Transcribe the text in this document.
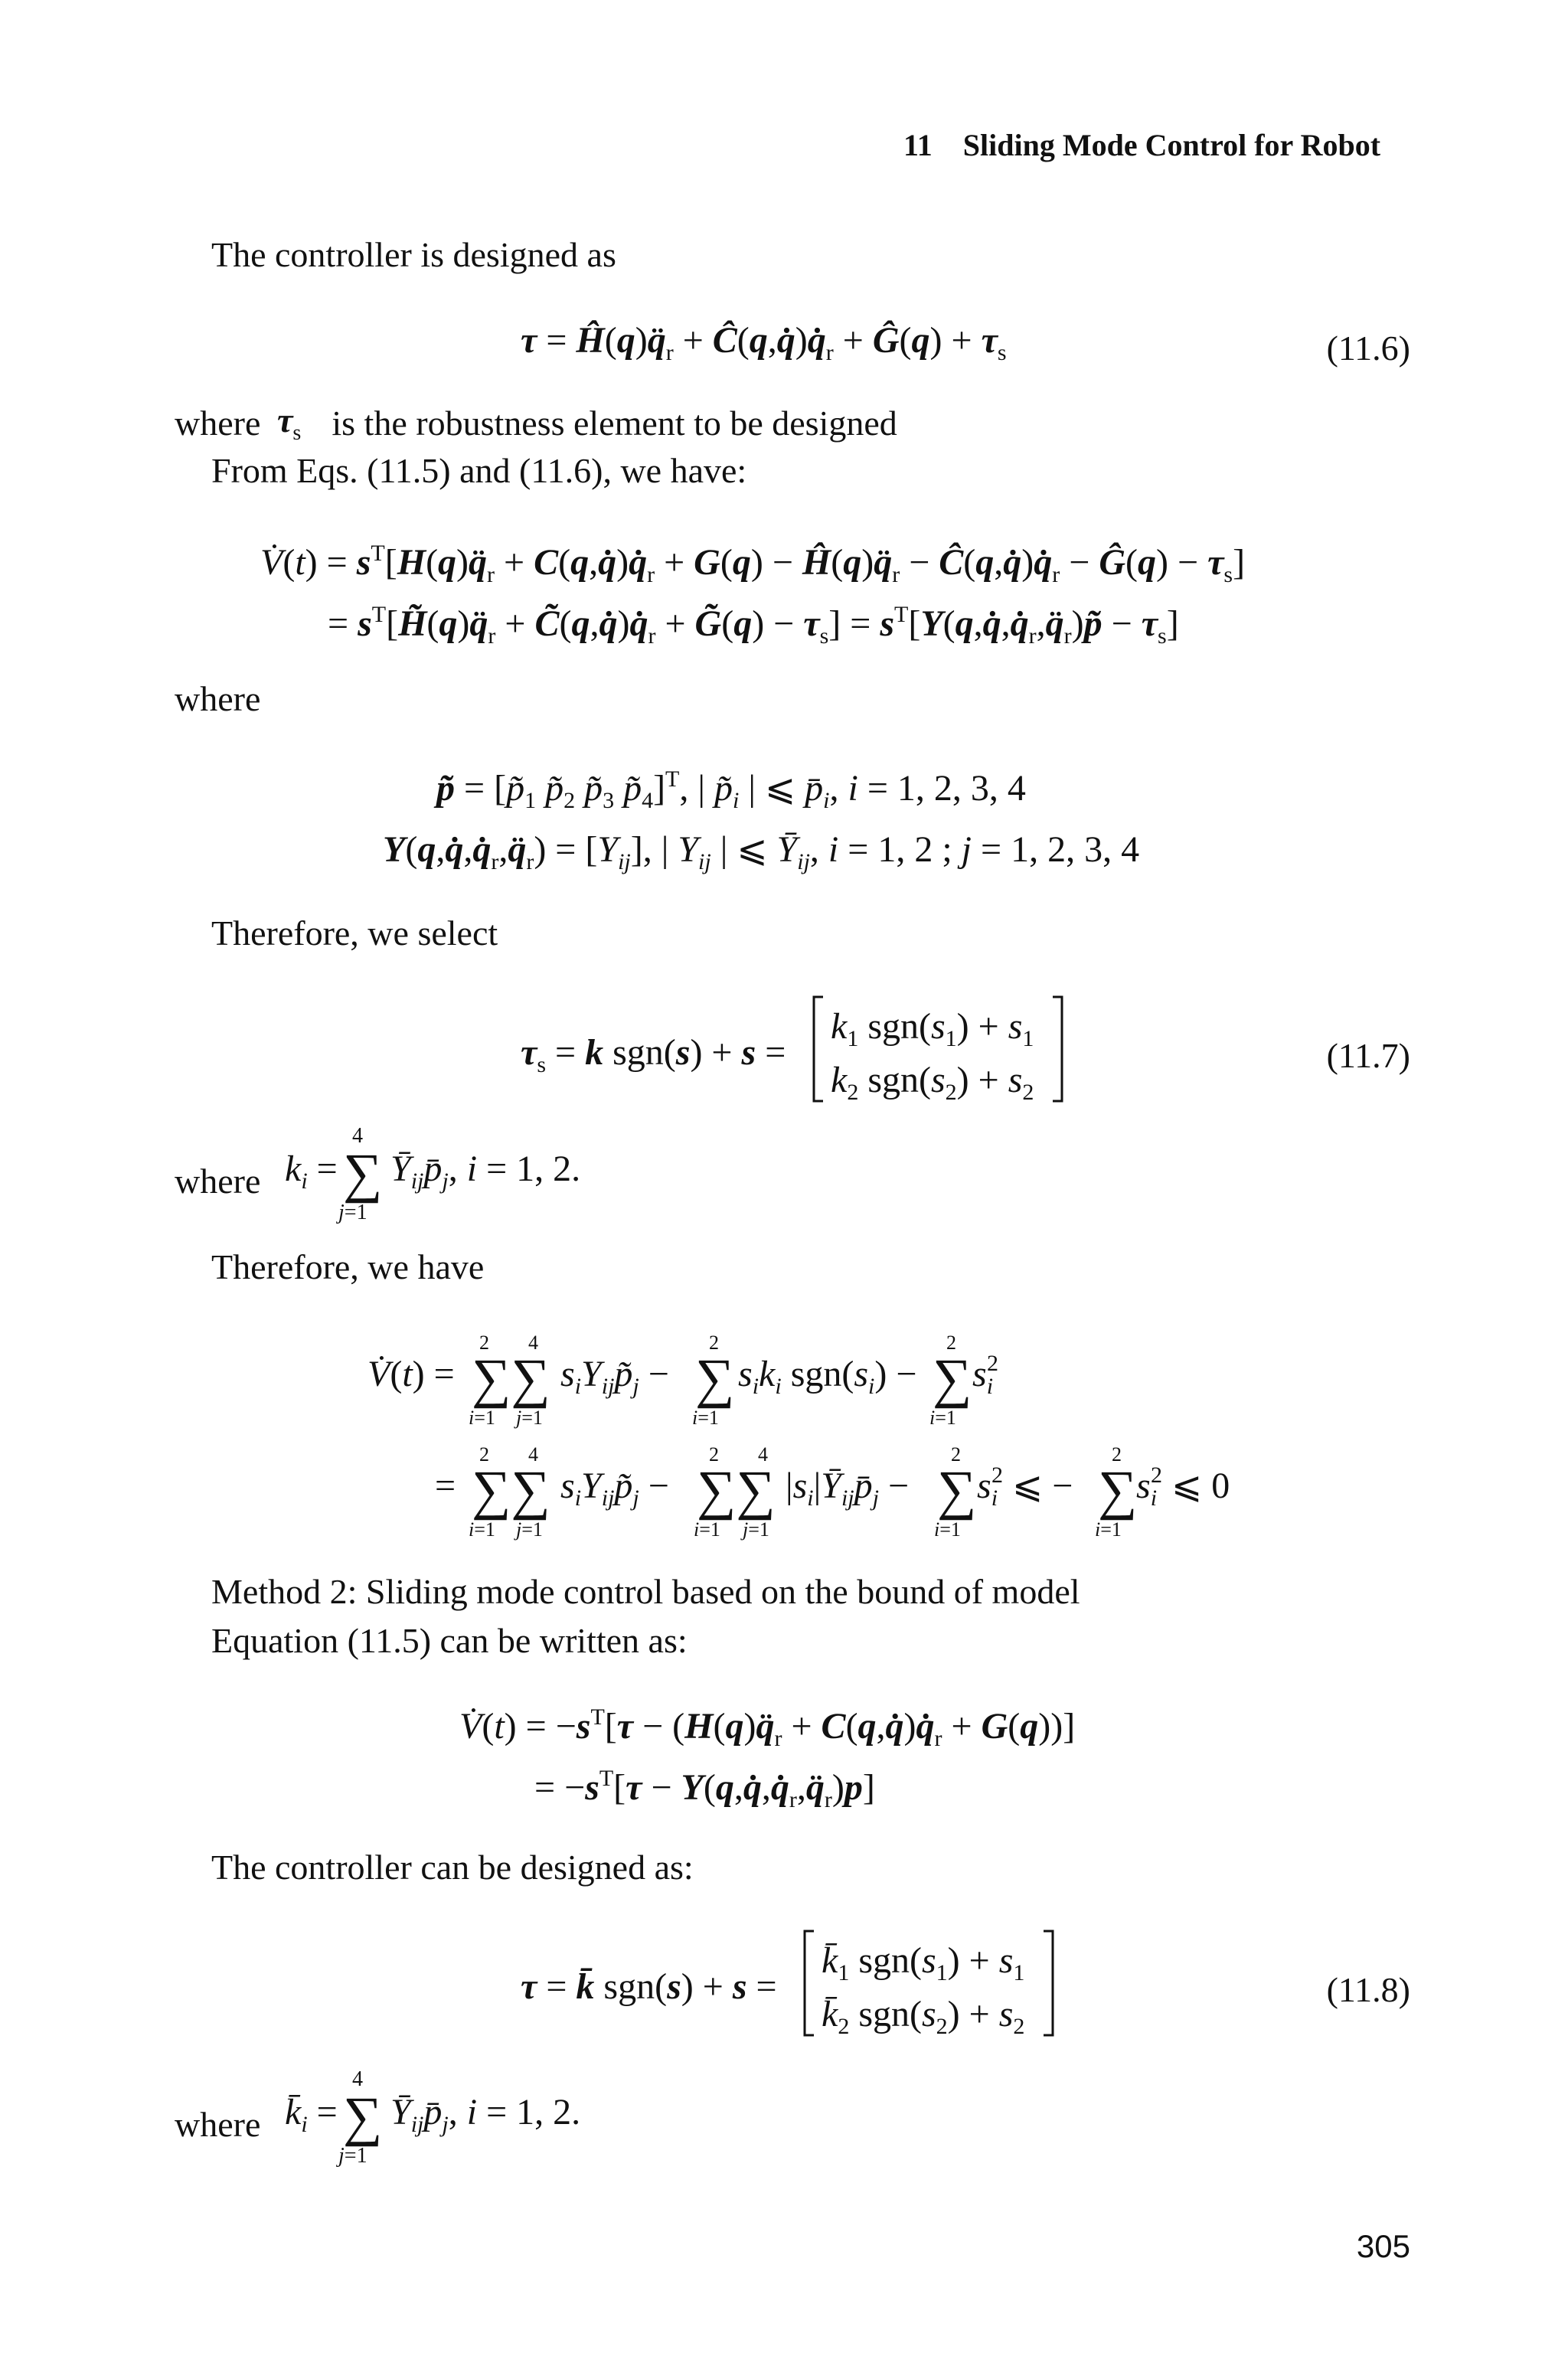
11 Sliding Mode Control for Robot
The controller is designed as
$\tau = Ĥ(q)q̈_r$ + $Ĉ(q,q̇)q̇_r$ + Ĝ(q) + $\tau_s$	(11.6)
where $\tau_s$ is the robustness element to be designed
From Eqs. (11.5) and (11.6), we have:
V̇(t) = $s^T[H(q)q̈_r$ + $C(q,q̇)q̇_r + G(q)$ − $Ĥ(q)q̈_r$ − $Ĉ(q,q̇)q̇_r$ − Ĝ(q) − $\tau_s$]
= $s^T[H̃(q)q̈_r$ + $C̃(q,q̇)q̇_r$ + G̃(q) − $\tau_s$] = $s^T[Y(q,q̇,q̇_r,q̈_r)p̃ - \tau_s]$
where
p̃ = [$p̃_1$ $p̃_2$ $p̃_3$ $p̃_4]^T$, | $p̃_i$ | ⩽ $p̄_i$, i = 1, 2, 3, 4
$Y(q,q̇,q̇_r,q̈_r) = [Y_{ij}]$, | $Y_{ij}$ | ⩽ $Ȳ_{ij}$, i = 1, 2 ; j = 1, 2, 3, 4
Therefore, we select
$\tau_s = k$ sgn(s) + s =
$k_1$ $sgn(s_1) + s_1$
$k_2$ $sgn(s_2) + s_2$
(11.7)
where $k_i$ =
4
∑
j=1
$Ȳ_{ij}p̄_j$, i = 1, 2.
Therefore, we have
V̇(t) =
2 4
∑∑
i=1 j=1
$s_iY_{ij}p̃_j$ −
2
∑
i=1
$s_ik_i$ $sgn(s_i)$ −
2
∑
i=1
$s_i2$
=
2 4
∑∑
i=1 j=1
$s_iY_{ij}p̃_j$ −
2 4
∑∑
i=1 j=1
$|s_i|Ȳ_{ij}p̄_j$ −
2
∑
i=1
$s_i2$ ⩽ −
2
∑
i=1
$s_i2$ ⩽ 0
Method 2: Sliding mode control based on the bound of model
Equation (11.5) can be written as:
V̇(t) = $-s^T[\tau$ − ($H(q)q̈_r$ + $C(q,q̇)q̇_r + G(q)$)]
= $-s^T[\tau$ − $Y(q,q̇,q̇_r,q̈_r)p$]
The controller can be designed as:
τ = k̄ sgn(s) + s =
$k̄_1$ $sgn(s_1) + s_1$
$k̄_2$ $sgn(s_2) + s_2$
(11.8)
where $k̄_i$ =
4
∑
j=1
$Ȳ_{ij}p̄_j$, i = 1, 2.
305
